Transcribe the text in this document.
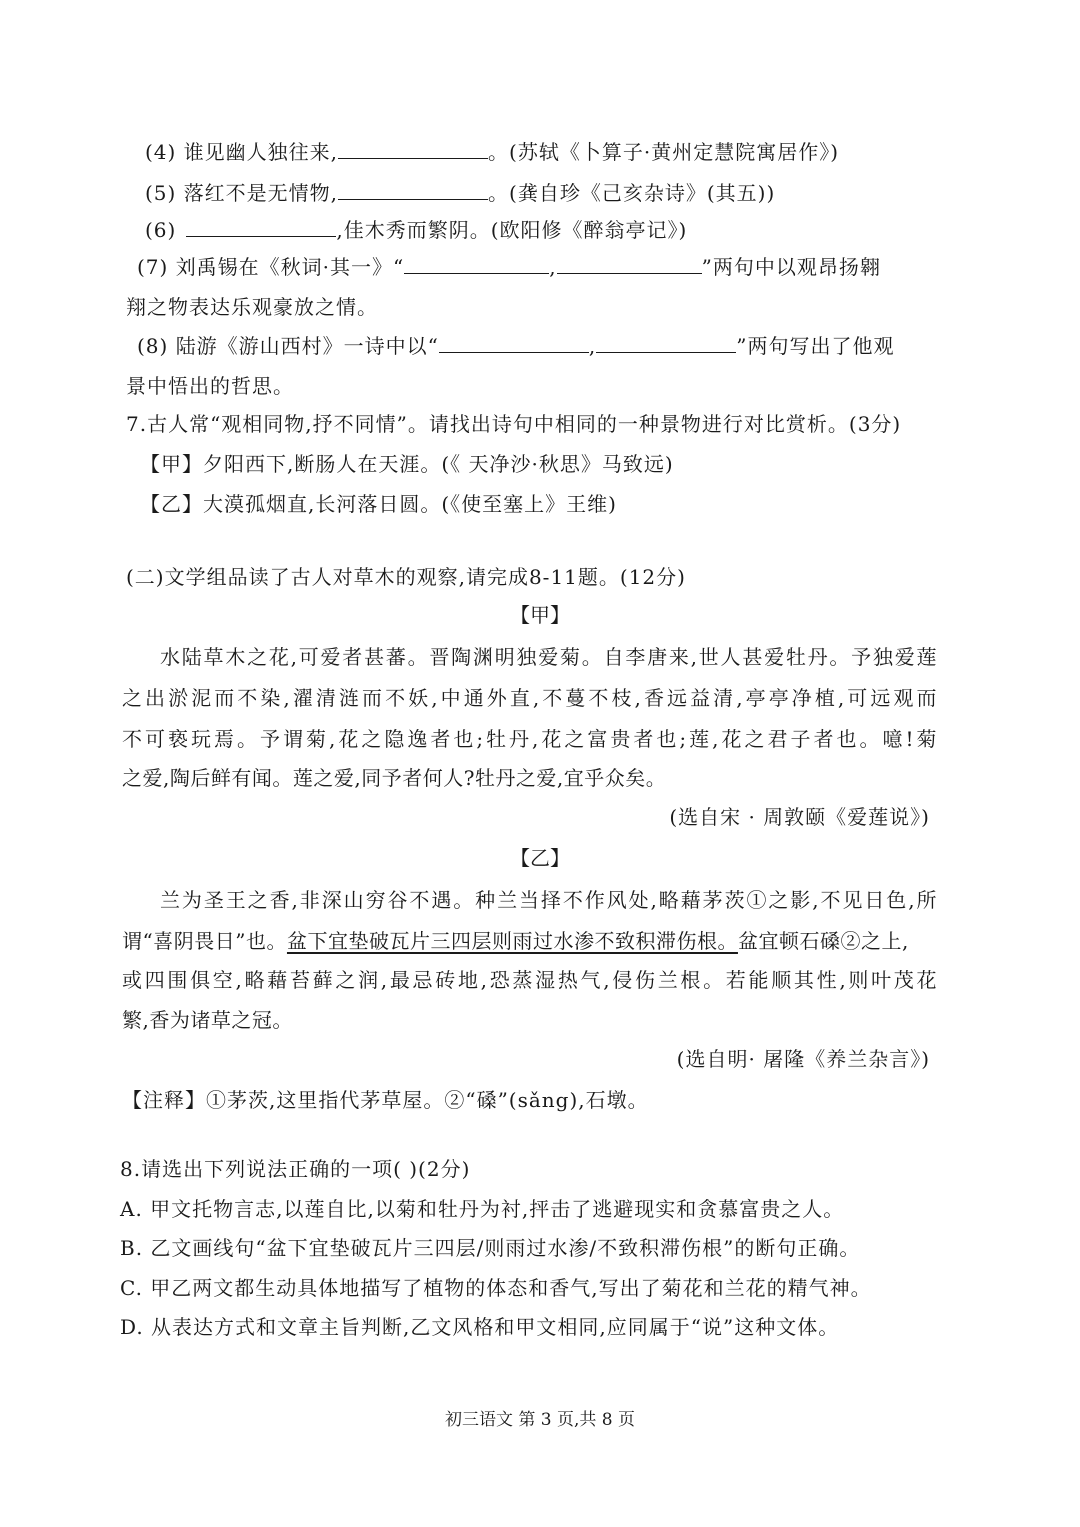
(4) 谁见幽人独往来,	。(苏轼《卜算子·黄州定慧院寓居作》)
(5) 落红不是无情物,	。(龚自珍《己亥杂诗》(其五))
(6)	,佳木秀而繁阴。(欧阳修《醉翁亭记》)
(7) 刘禹锡在《秋词·其一》“	,	”两句中以观昂扬翱
翔之物表达乐观豪放之情。
(8) 陆游《游山西村》一诗中以“	,	”两句写出了他观
景中悟出的哲思。
7.古人常“观相同物,抒不同情”。请找出诗句中相同的一种景物进行对比赏析。(3分)
【甲】夕阳西下,断肠人在天涯。(《 天净沙·秋思》马致远)
【乙】大漠孤烟直,长河落日圆。(《使至塞上》王维)
(二)文学组品读了古人对草木的观察,请完成8-11题。(12分)
【甲】
水陆草木之花,可爱者甚蕃。晋陶渊明独爱菊。自李唐来,世人甚爱牡丹。予独爱莲
之出淤泥而不染,濯清涟而不妖,中通外直,不蔓不枝,香远益清,亭亭净植,可远观而
不可亵玩焉。予谓菊,花之隐逸者也;牡丹,花之富贵者也;莲,花之君子者也。噫!菊
之爱,陶后鲜有闻。莲之爱,同予者何人?牡丹之爱,宜乎众矣。
(选自宋 · 周敦颐《爱莲说》)
【乙】
兰为圣王之香,非深山穷谷不遇。种兰当择不作风处,略藉茅茨①之影,不见日色,所
谓“喜阴畏日”也。盆下宜垫破瓦片三四层则雨过水渗不致积滞伤根。盆宜顿石磉②之上,
或四围俱空,略藉苔藓之润,最忌砖地,恐蒸湿热气,侵伤兰根。若能顺其性,则叶茂花
繁,香为诸草之冠。
(选自明· 屠隆《养兰杂言》)
【注释】①茅茨,这里指代茅草屋。②“磉”(sǎng),石墩。
8.请选出下列说法正确的一项( )(2分)
A. 甲文托物言志,以莲自比,以菊和牡丹为衬,抨击了逃避现实和贪慕富贵之人。
B. 乙文画线句“盆下宜垫破瓦片三四层/则雨过水渗/不致积滞伤根”的断句正确。
C. 甲乙两文都生动具体地描写了植物的体态和香气,写出了菊花和兰花的精气神。
D. 从表达方式和文章主旨判断,乙文风格和甲文相同,应同属于“说”这种文体。
初三语文 第 3 页,共 8 页
